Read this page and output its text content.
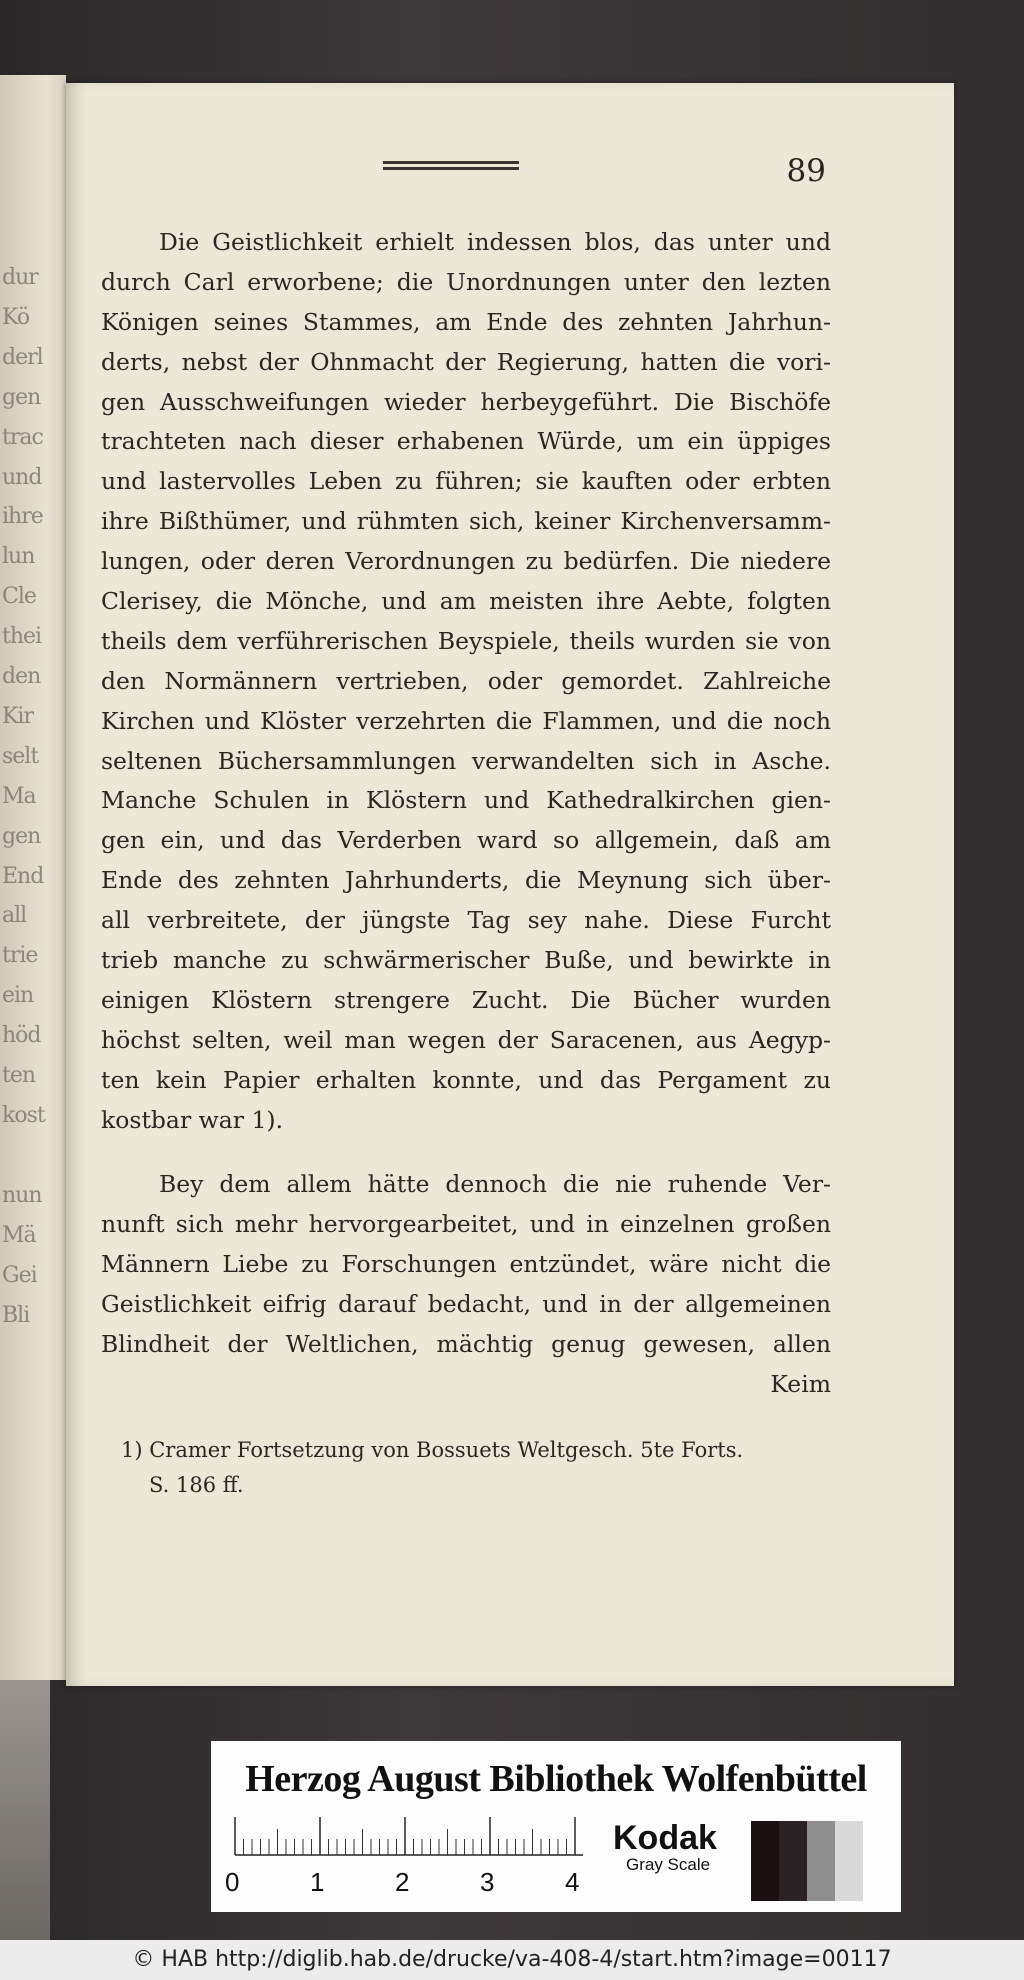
dur
Kö
derl
gen
trac
und
ihre
lun
Cle
thei
den
Kir
selt
Ma
gen
End
all
trie
ein
höd
ten
kost
nun
Mä
Gei
Bli
89
Die Geistlichkeit erhielt indessen blos, das unter und
durch Carl erworbene; die Unordnungen unter den lezten
Königen seines Stammes, am Ende des zehnten Jahrhun-
derts, nebst der Ohnmacht der Regierung, hatten die vori-
gen Ausschweifungen wieder herbeygeführt. Die Bischöfe
trachteten nach dieser erhabenen Würde, um ein üppiges
und lastervolles Leben zu führen; sie kauften oder erbten
ihre Bißthümer, und rühmten sich, keiner Kirchenversamm-
lungen, oder deren Verordnungen zu bedürfen. Die niedere
Clerisey, die Mönche, und am meisten ihre Aebte, folgten
theils dem verführerischen Beyspiele, theils wurden sie von
den Normännern vertrieben, oder gemordet. Zahlreiche
Kirchen und Klöster verzehrten die Flammen, und die noch
seltenen Büchersammlungen verwandelten sich in Asche.
Manche Schulen in Klöstern und Kathedralkirchen gien-
gen ein, und das Verderben ward so allgemein, daß am
Ende des zehnten Jahrhunderts, die Meynung sich über-
all verbreitete, der jüngste Tag sey nahe. Diese Furcht
trieb manche zu schwärmerischer Buße, und bewirkte in
einigen Klöstern strengere Zucht. Die Bücher wurden
höchst selten, weil man wegen der Saracenen, aus Aegyp-
ten kein Papier erhalten konnte, und das Pergament zu
kostbar war 1).
Bey dem allem hätte dennoch die nie ruhende Ver-
nunft sich mehr hervorgearbeitet, und in einzelnen großen
Männern Liebe zu Forschungen entzündet, wäre nicht die
Geistlichkeit eifrig darauf bedacht, und in der allgemeinen
Blindheit der Weltlichen, mächtig genug gewesen, allen
Keim
1) Cramer Fortsetzung von Bossuets Weltgesch. 5te Forts.
S. 186 ff.
Herzog August Bibliothek Wolfenbüttel
0	1	2	3	4
Kodak
Gray Scale
© HAB http://diglib.hab.de/drucke/va-408-4/start.htm?image=00117
